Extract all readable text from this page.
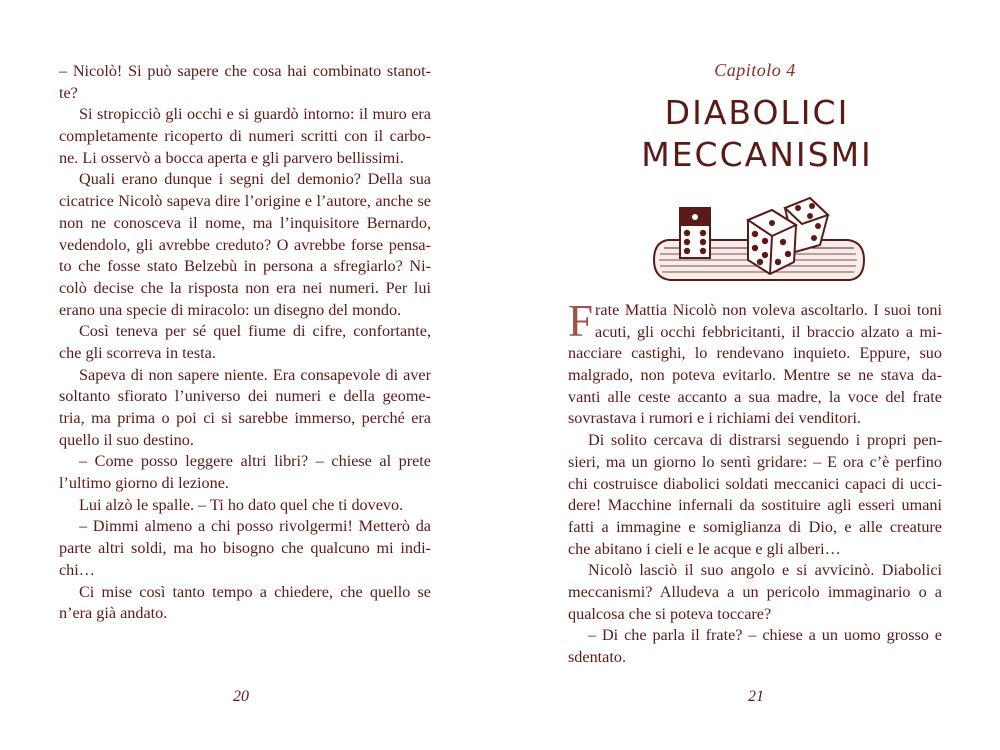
– Nicolò! Si può sapere che cosa hai combinato stanot-
te?
Si stropicciò gli occhi e si guardò intorno: il muro era
completamente ricoperto di numeri scritti con il carbo-
ne. Li osservò a bocca aperta e gli parvero bellissimi.
Quali erano dunque i segni del demonio? Della sua
cicatrice Nicolò sapeva dire l’origine e l’autore, anche se
non ne conosceva il nome, ma l’inquisitore Bernardo,
vedendolo, gli avrebbe creduto? O avrebbe forse pensa-
to che fosse stato Belzebù in persona a sfregiarlo? Ni-
colò decise che la risposta non era nei numeri. Per lui
erano una specie di miracolo: un disegno del mondo.
Così teneva per sé quel fiume di cifre, confortante,
che gli scorreva in testa.
Sapeva di non sapere niente. Era consapevole di aver
soltanto sfiorato l’universo dei numeri e della geome-
tria, ma prima o poi ci si sarebbe immerso, perché era
quello il suo destino.
– Come posso leggere altri libri? – chiese al prete
l’ultimo giorno di lezione.
Lui alzò le spalle. – Ti ho dato quel che ti dovevo.
– Dimmi almeno a chi posso rivolgermi! Metterò da
parte altri soldi, ma ho bisogno che qualcuno mi indi-
chi…
Ci mise così tanto tempo a chiedere, che quello se
n’era già andato.
20
Capitolo 4
DIABOLICI
MECCANISMI
F rate Mattia Nicolò non voleva ascoltarlo. I suoi toni
acuti, gli occhi febbricitanti, il braccio alzato a mi-
nacciare castighi, lo rendevano inquieto. Eppure, suo
malgrado, non poteva evitarlo. Mentre se ne stava da-
vanti alle ceste accanto a sua madre, la voce del frate
sovrastava i rumori e i richiami dei venditori.
Di solito cercava di distrarsi seguendo i propri pen-
sieri, ma un giorno lo sentì gridare: – E ora c’è perfino
chi costruisce diabolici soldati meccanici capaci di ucci-
dere! Macchine infernali da sostituire agli esseri umani
fatti a immagine e somiglianza di Dio, e alle creature
che abitano i cieli e le acque e gli alberi…
Nicolò lasciò il suo angolo e si avvicinò. Diabolici
meccanismi? Alludeva a un pericolo immaginario o a
qualcosa che si poteva toccare?
– Di che parla il frate? – chiese a un uomo grosso e
sdentato.
21
